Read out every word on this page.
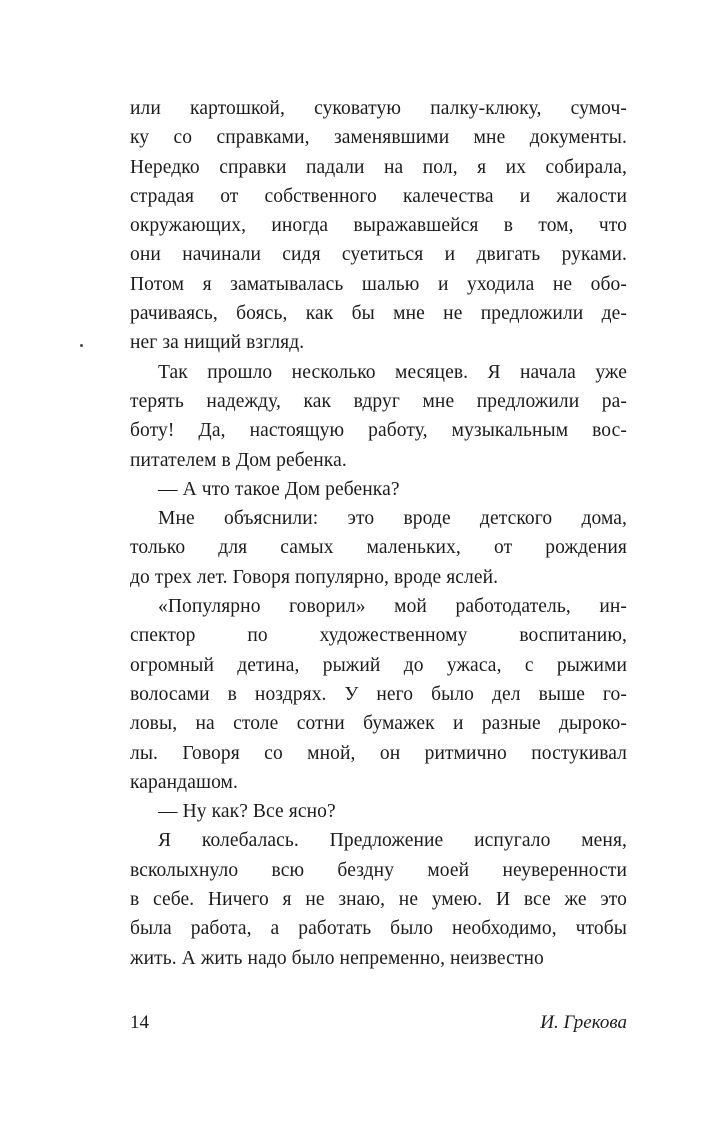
или картошкой, суковатую палку-клюку, сумоч-
ку со справками, заменявшими мне документы.
Нередко справки падали на пол, я их собирала,
страдая от собственного калечества и жалости
окружающих, иногда выражавшейся в том, что
они начинали сидя суетиться и двигать руками.
Потом я заматывалась шалью и уходила не обо-
рачиваясь, боясь, как бы мне не предложили де-
нег за нищий взгляд.
Так прошло несколько месяцев. Я начала уже
терять надежду, как вдруг мне предложили ра-
боту! Да, настоящую работу, музыкальным вос-
питателем в Дом ребенка.
— А что такое Дом ребенка?
Мне объяснили: это вроде детского дома,
только для самых маленьких, от рождения
до трех лет. Говоря популярно, вроде яслей.
«Популярно говорил» мой работодатель, ин-
спектор по художественному воспитанию,
огромный детина, рыжий до ужаса, с рыжими
волосами в ноздрях. У него было дел выше го-
ловы, на столе сотни бумажек и разные дыроко-
лы. Говоря со мной, он ритмично постукивал
карандашом.
— Ну как? Все ясно?
Я колебалась. Предложение испугало меня,
всколыхнуло всю бездну моей неуверенности
в себе. Ничего я не знаю, не умею. И все же это
была работа, а работать было необходимо, чтобы
жить. А жить надо было непременно, неизвестно
14	И. Грекова
